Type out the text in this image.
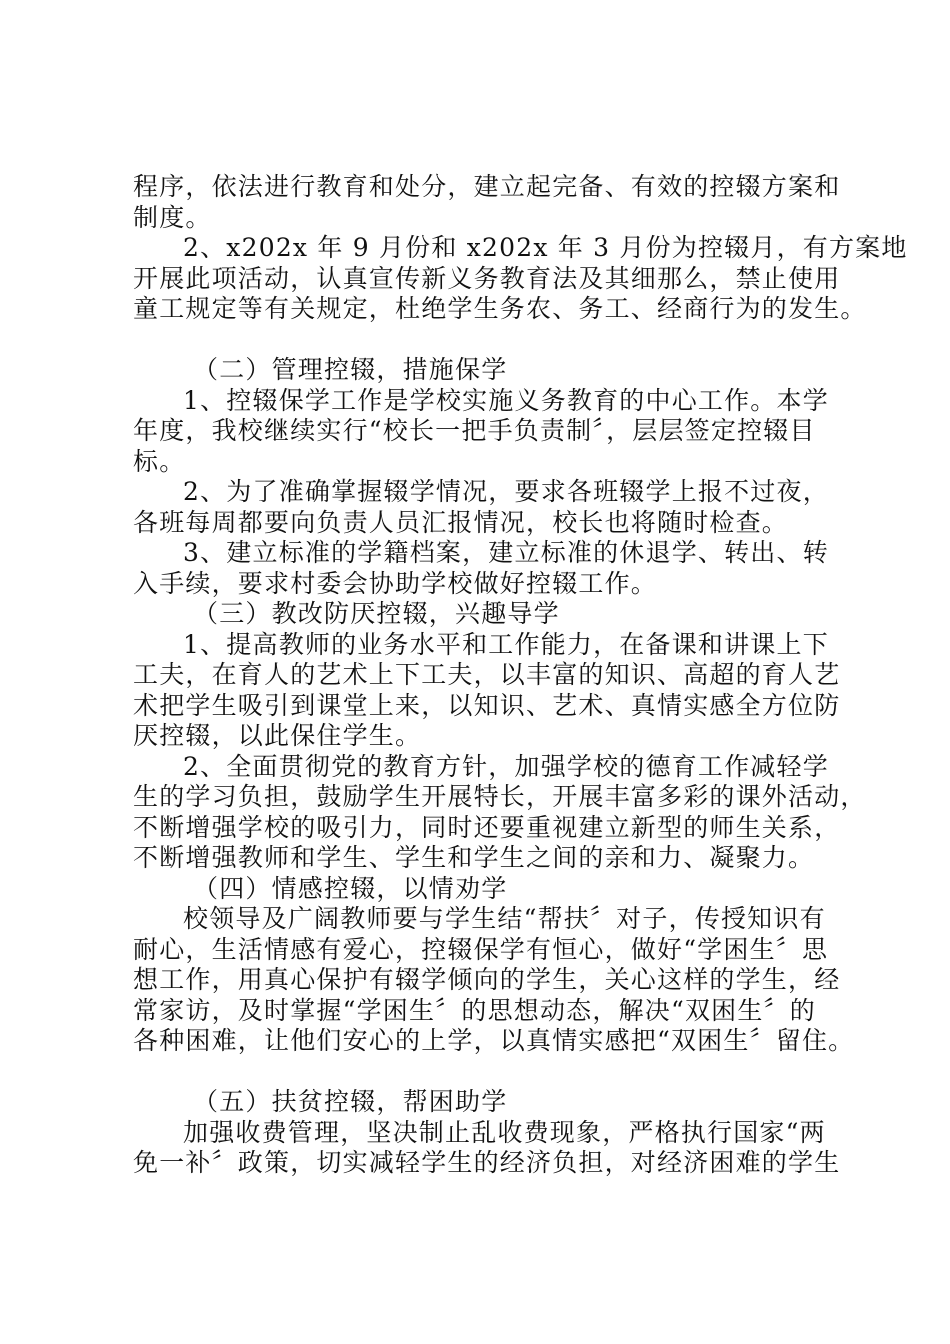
程序，依法进行教育和处分，建立起完备、有效的控辍方案和
制度。
2、x202x 年 9 月份和 x202x 年 3 月份为控辍月，有方案地
开展此项活动，认真宣传新义务教育法及其细那么，禁止使用
童工规定等有关规定，杜绝学生务农、务工、经商行为的发生。
（二）管理控辍，措施保学
1、控辍保学工作是学校实施义务教育的中心工作。本学
年度，我校继续实行“校长一把手负责制〞，层层签定控辍目
标。
2、为了准确掌握辍学情况，要求各班辍学上报不过夜，
各班每周都要向负责人员汇报情况，校长也将随时检查。
3、建立标准的学籍档案，建立标准的休退学、转出、转
入手续，要求村委会协助学校做好控辍工作。
（三）教改防厌控辍，兴趣导学
1、提高教师的业务水平和工作能力，在备课和讲课上下
工夫，在育人的艺术上下工夫，以丰富的知识、高超的育人艺
术把学生吸引到课堂上来，以知识、艺术、真情实感全方位防
厌控辍，以此保住学生。
2、全面贯彻党的教育方针，加强学校的德育工作减轻学
生的学习负担，鼓励学生开展特长，开展丰富多彩的课外活动，
不断增强学校的吸引力，同时还要重视建立新型的师生关系，
不断增强教师和学生、学生和学生之间的亲和力、凝聚力。
（四）情感控辍，以情劝学
校领导及广阔教师要与学生结“帮扶〞对子，传授知识有
耐心，生活情感有爱心，控辍保学有恒心，做好“学困生〞思
想工作，用真心保护有辍学倾向的学生，关心这样的学生，经
常家访，及时掌握“学困生〞的思想动态，解决“双困生〞的
各种困难，让他们安心的上学，以真情实感把“双困生〞留住。
（五）扶贫控辍，帮困助学
加强收费管理，坚决制止乱收费现象，严格执行国家“两
免一补〞政策，切实减轻学生的经济负担，对经济困难的学生
